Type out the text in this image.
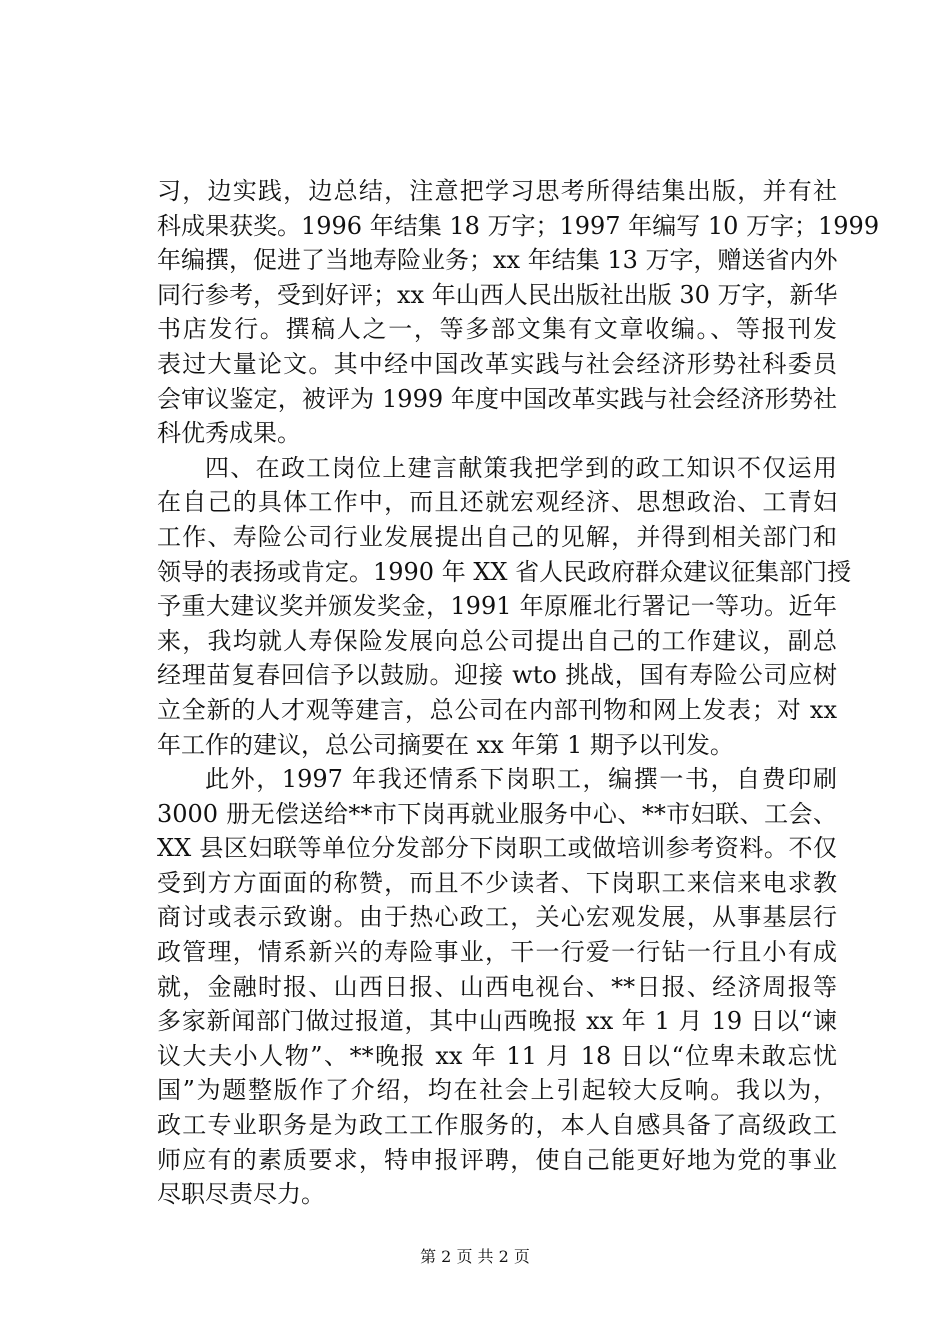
习，边实践，边总结，注意把学习思考所得结集出版，并有社
科成果获奖。1996 年结集 18 万字；1997 年编写 10 万字；1999
年编撰，促进了当地寿险业务；xx 年结集 13 万字，赠送省内外
同行参考，受到好评；xx 年山西人民出版社出版 30 万字，新华
书店发行。撰稿人之一，等多部文集有文章收编。、等报刊发
表过大量论文。其中经中国改革实践与社会经济形势社科委员
会审议鉴定，被评为 1999 年度中国改革实践与社会经济形势社
科优秀成果。
四、在政工岗位上建言献策我把学到的政工知识不仅运用
在自己的具体工作中，而且还就宏观经济、思想政治、工青妇
工作、寿险公司行业发展提出自己的见解，并得到相关部门和
领导的表扬或肯定。1990 年 XX 省人民政府群众建议征集部门授
予重大建议奖并颁发奖金，1991 年原雁北行署记一等功。近年
来，我均就人寿保险发展向总公司提出自己的工作建议，副总
经理苗复春回信予以鼓励。迎接 wto 挑战，国有寿险公司应树
立全新的人才观等建言，总公司在内部刊物和网上发表；对 xx
年工作的建议，总公司摘要在 xx 年第 1 期予以刊发。
此外，1997 年我还情系下岗职工，编撰一书，自费印刷
3000 册无偿送给**市下岗再就业服务中心、**市妇联、工会、
XX 县区妇联等单位分发部分下岗职工或做培训参考资料。不仅
受到方方面面的称赞，而且不少读者、下岗职工来信来电求教
商讨或表示致谢。由于热心政工，关心宏观发展，从事基层行
政管理，情系新兴的寿险事业，干一行爱一行钻一行且小有成
就，金融时报、山西日报、山西电视台、**日报、经济周报等
多家新闻部门做过报道，其中山西晚报 xx 年 1 月 19 日以“谏
议大夫小人物”、**晚报 xx 年 11 月 18 日以“位卑未敢忘忧
国”为题整版作了介绍，均在社会上引起较大反响。我以为，
政工专业职务是为政工工作服务的，本人自感具备了高级政工
师应有的素质要求，特申报评聘，使自己能更好地为党的事业
尽职尽责尽力。
第 2 页 共 2 页
